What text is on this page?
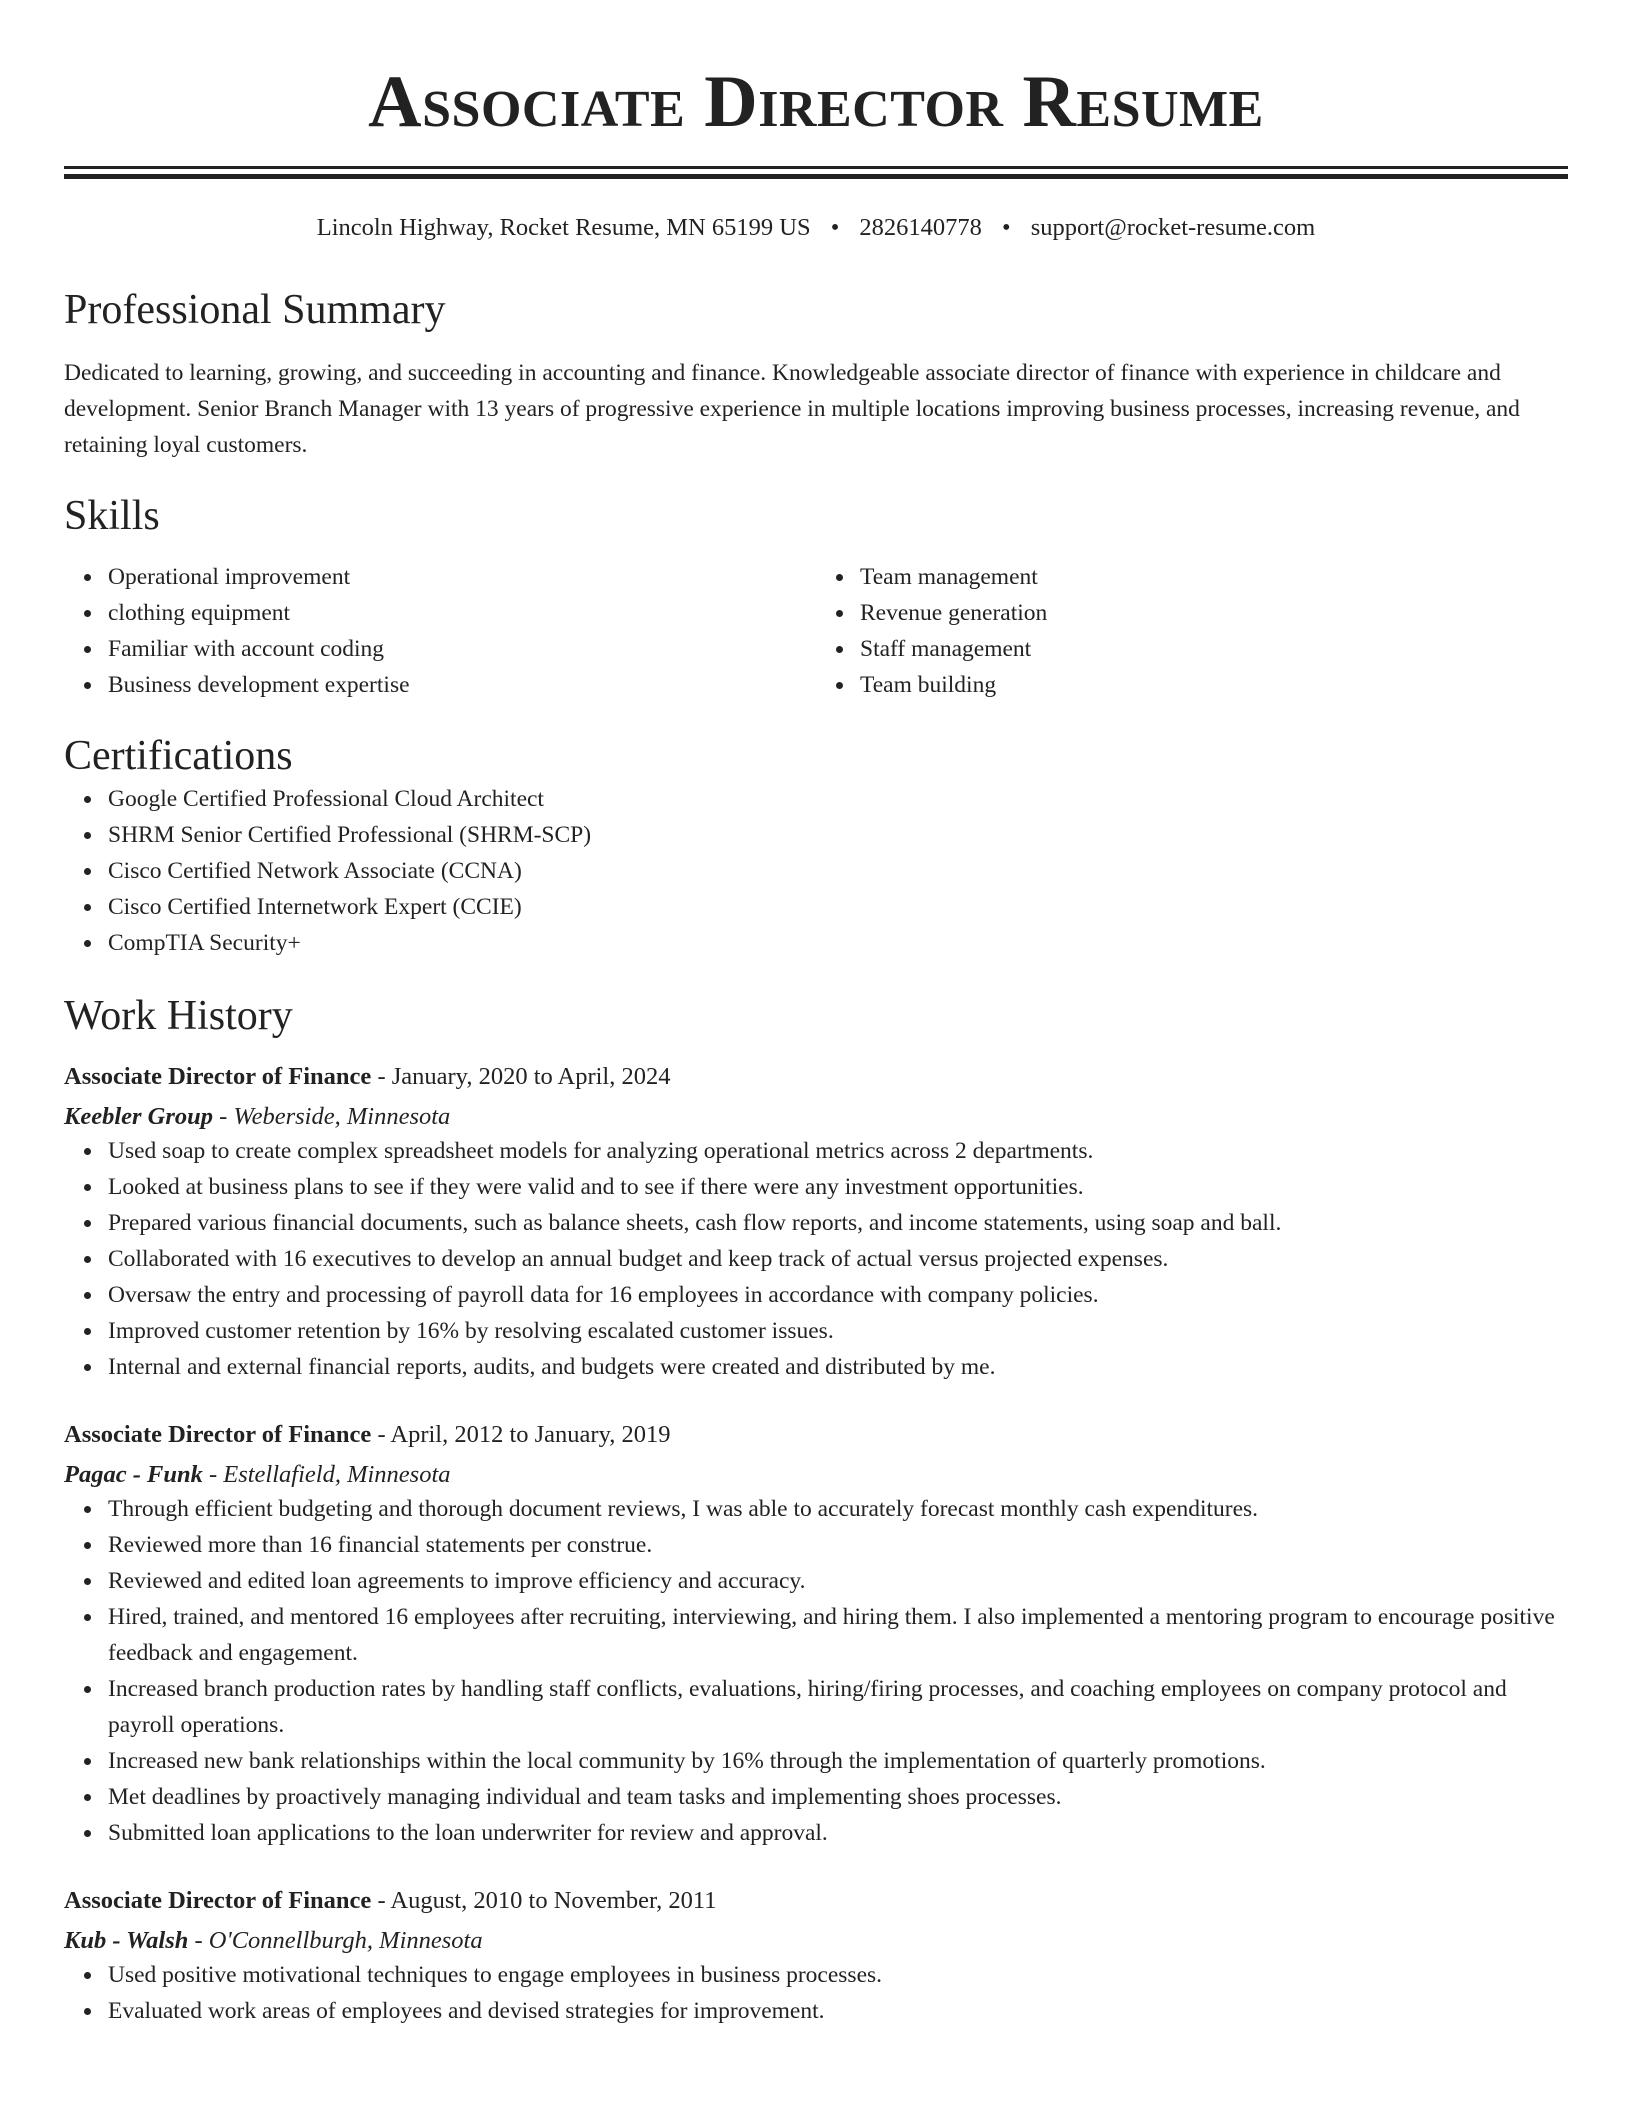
Associate Director Resume
Lincoln Highway, Rocket Resume, MN 65199 US • 2826140778 • support@rocket-resume.com
Professional Summary
Dedicated to learning, growing, and succeeding in accounting and finance. Knowledgeable associate director of finance with experience in childcare and development. Senior Branch Manager with 13 years of progressive experience in multiple locations improving business processes, increasing revenue, and retaining loyal customers.
Skills
Operational improvement
clothing equipment
Familiar with account coding
Business development expertise
Team management
Revenue generation
Staff management
Team building
Certifications
Google Certified Professional Cloud Architect
SHRM Senior Certified Professional (SHRM-SCP)
Cisco Certified Network Associate (CCNA)
Cisco Certified Internetwork Expert (CCIE)
CompTIA Security+
Work History
Associate Director of Finance - January, 2020 to April, 2024
Keebler Group - Weberside, Minnesota
Used soap to create complex spreadsheet models for analyzing operational metrics across 2 departments.
Looked at business plans to see if they were valid and to see if there were any investment opportunities.
Prepared various financial documents, such as balance sheets, cash flow reports, and income statements, using soap and ball.
Collaborated with 16 executives to develop an annual budget and keep track of actual versus projected expenses.
Oversaw the entry and processing of payroll data for 16 employees in accordance with company policies.
Improved customer retention by 16% by resolving escalated customer issues.
Internal and external financial reports, audits, and budgets were created and distributed by me.
Associate Director of Finance - April, 2012 to January, 2019
Pagac - Funk - Estellafield, Minnesota
Through efficient budgeting and thorough document reviews, I was able to accurately forecast monthly cash expenditures.
Reviewed more than 16 financial statements per construe.
Reviewed and edited loan agreements to improve efficiency and accuracy.
Hired, trained, and mentored 16 employees after recruiting, interviewing, and hiring them. I also implemented a mentoring program to encourage positive feedback and engagement.
Increased branch production rates by handling staff conflicts, evaluations, hiring/firing processes, and coaching employees on company protocol and payroll operations.
Increased new bank relationships within the local community by 16% through the implementation of quarterly promotions.
Met deadlines by proactively managing individual and team tasks and implementing shoes processes.
Submitted loan applications to the loan underwriter for review and approval.
Associate Director of Finance - August, 2010 to November, 2011
Kub - Walsh - O'Connellburgh, Minnesota
Used positive motivational techniques to engage employees in business processes.
Evaluated work areas of employees and devised strategies for improvement.
